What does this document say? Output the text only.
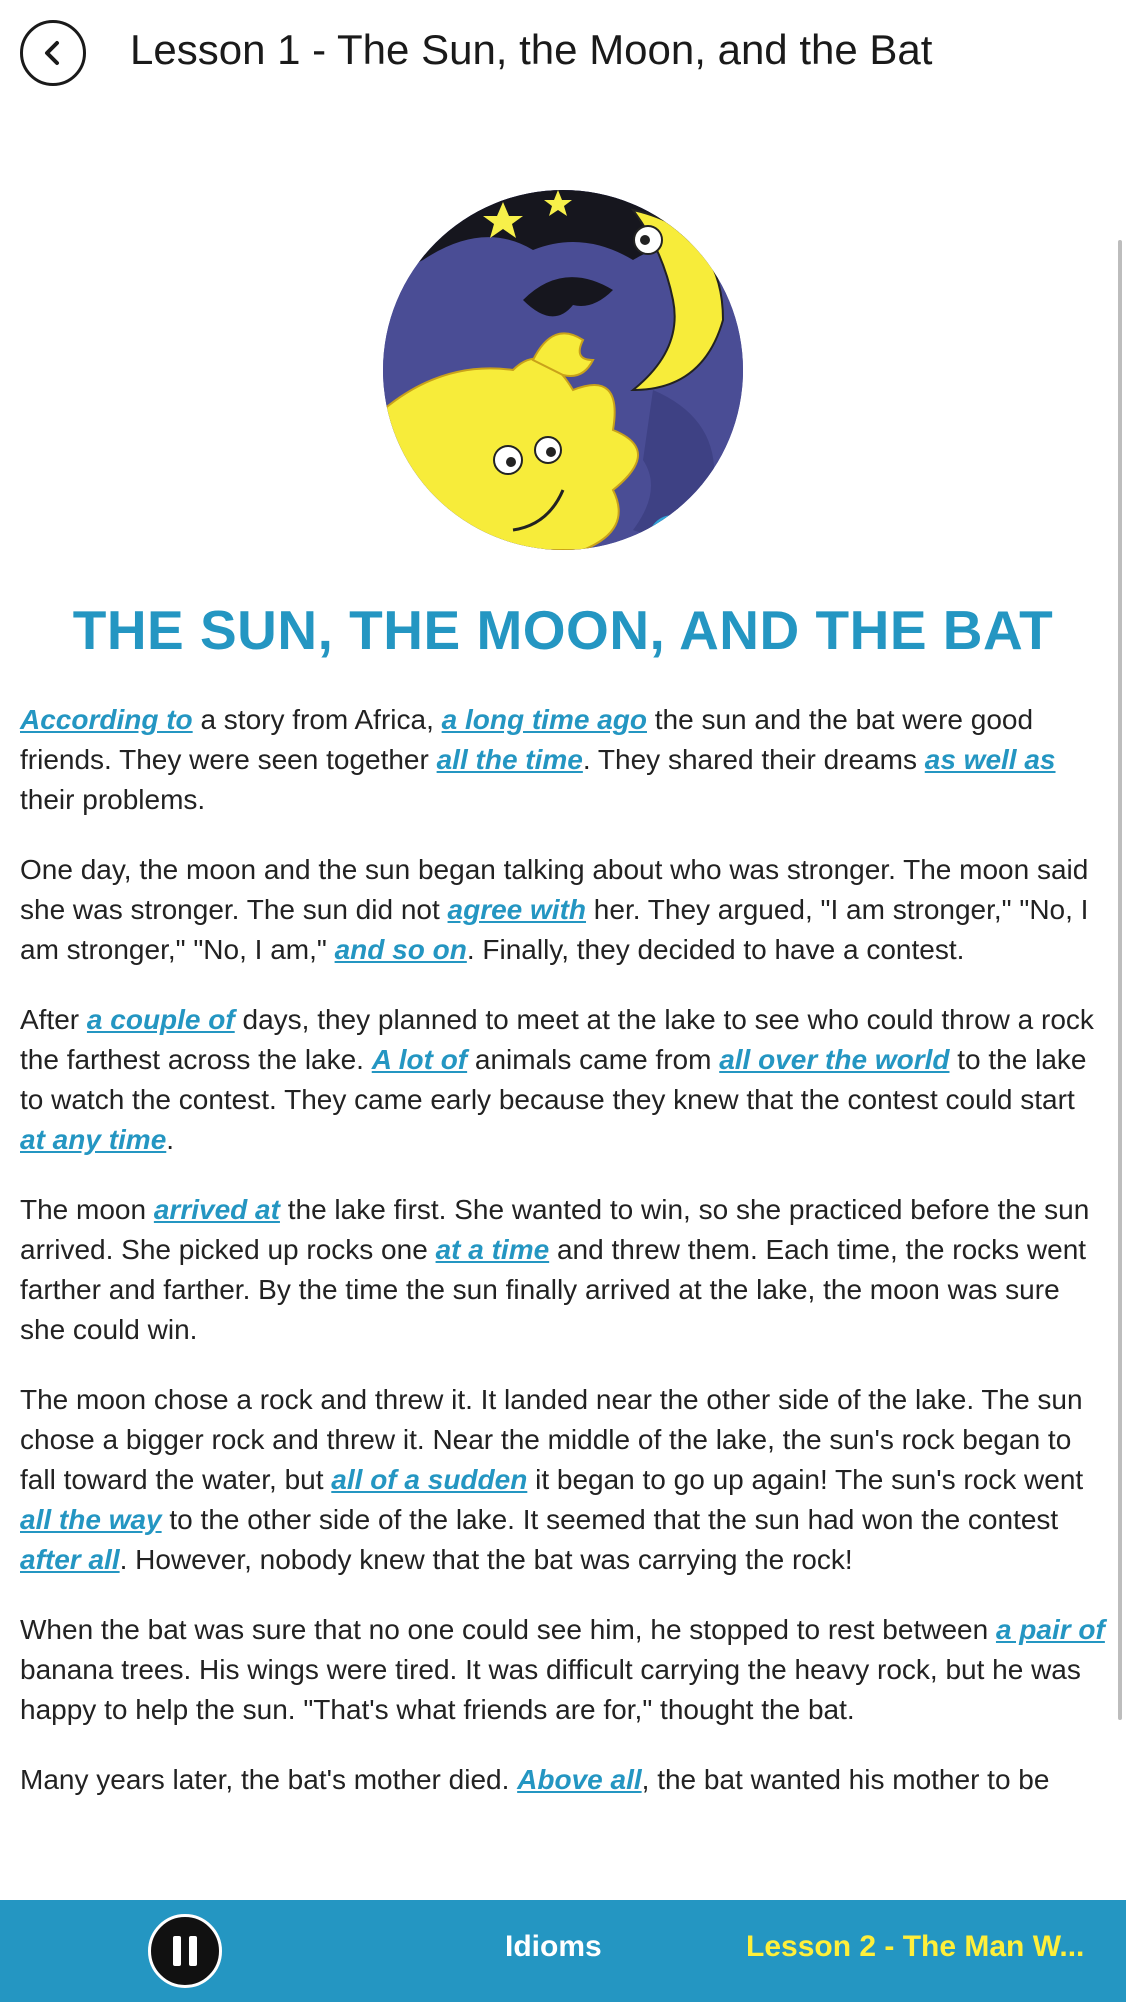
Lesson 1 - The Sun, the Moon, and the Bat
THE SUN, THE MOON, AND THE BAT

According to a story from Africa, a long time ago the sun and the bat were good friends. They were seen together all the time. They shared their dreams as well as their problems.

One day, the moon and the sun began talking about who was stronger. The moon said she was stronger. The sun did not agree with her. They argued, "I am stronger," "No, I am stronger," "No, I am," and so on. Finally, they decided to have a contest.

After a couple of days, they planned to meet at the lake to see who could throw a rock the farthest across the lake. A lot of animals came from all over the world to the lake to watch the contest. They came early because they knew that the contest could start at any time.

The moon arrived at the lake first. She wanted to win, so she practiced before the sun arrived. She picked up rocks one at a time and threw them. Each time, the rocks went farther and farther. By the time the sun finally arrived at the lake, the moon was sure she could win.

The moon chose a rock and threw it. It landed near the other side of the lake. The sun chose a bigger rock and threw it. Near the middle of the lake, the sun's rock began to fall toward the water, but all of a sudden it began to go up again! The sun's rock went all the way to the other side of the lake. It seemed that the sun had won the contest after all. However, nobody knew that the bat was carrying the rock!

When the bat was sure that no one could see him, he stopped to rest between a pair of banana trees. His wings were tired. It was difficult carrying the heavy rock, but he was happy to help the sun. "That's what friends are for," thought the bat.

Many years later, the bat's mother died. Above all, the bat wanted his mother to be

Idioms	Lesson 2 - The Man W...
